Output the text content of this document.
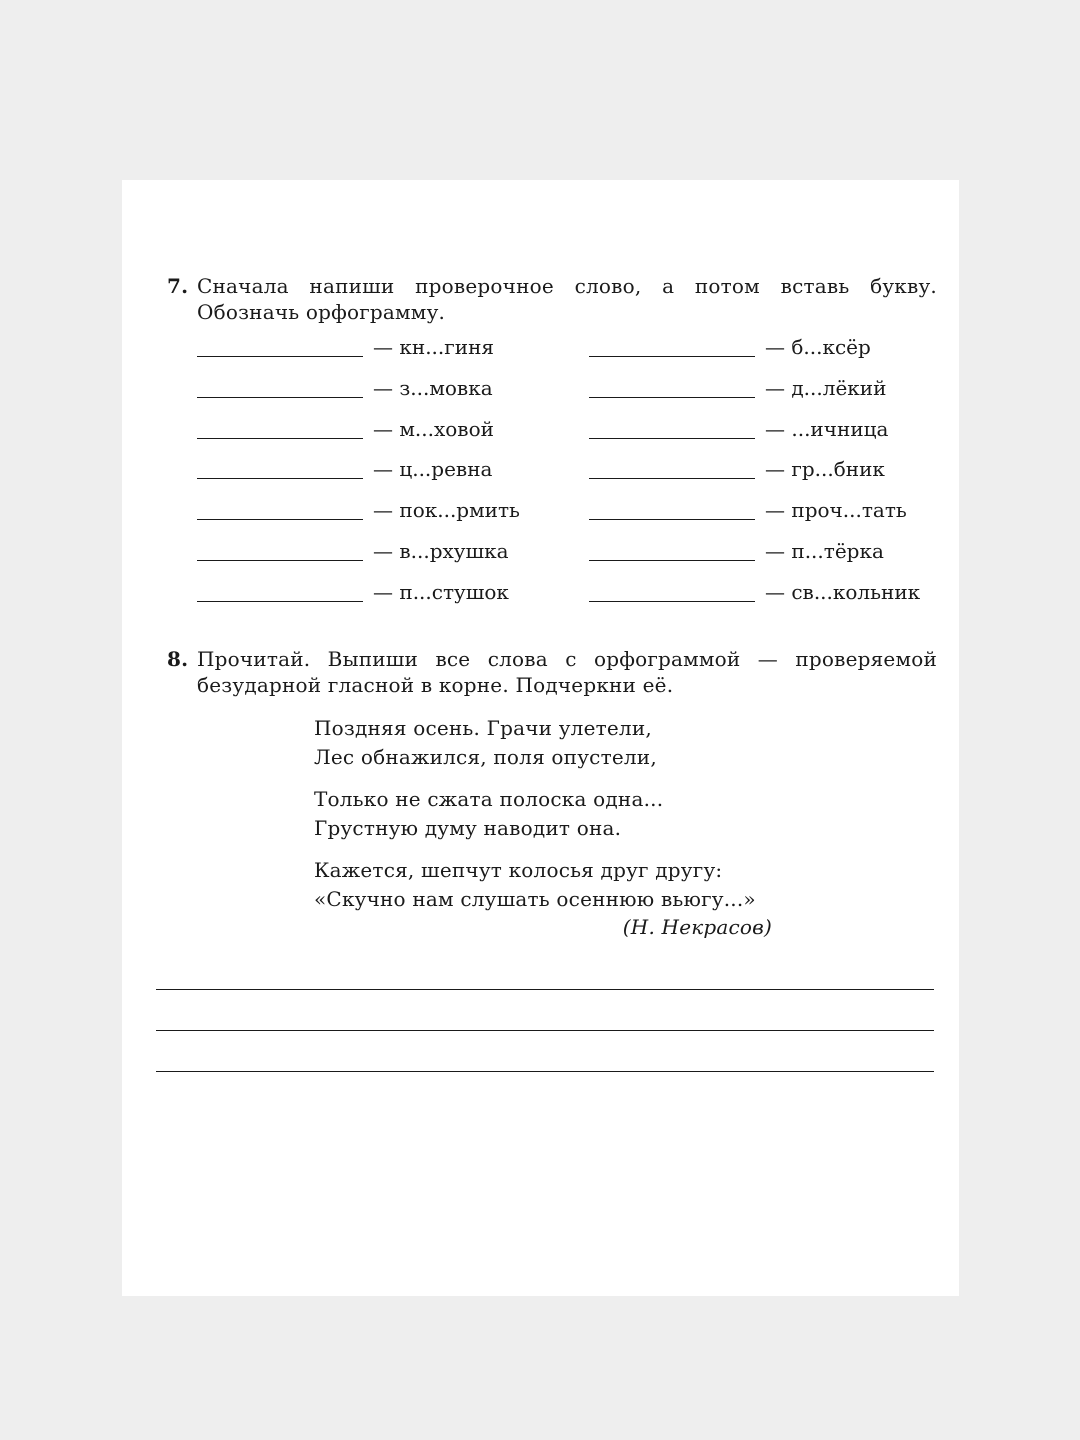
7. Сначала напиши проверочное слово, а потом вставь букву. Обозначь орфограмму.
— кн...гиня
— з...мовка
— м...ховой
— ц...ревна
— пок...рмить
— в...рхушка
— п...стушок
— б...ксёр
— д...лёкий
— ...ичница
— гр...бник
— проч...тать
— п...тёрка
— св...кольник
8. Прочитай. Выпиши все слова с орфограммой — проверяемой безударной гласной в корне. Подчеркни её.
Поздняя осень. Грачи улетели,
Лес обнажился, поля опустели,
Только не сжата полоска одна...
Грустную думу наводит она.
Кажется, шепчут колосья друг другу:
«Скучно нам слушать осеннюю вьюгу...»
(Н. Некрасов)
